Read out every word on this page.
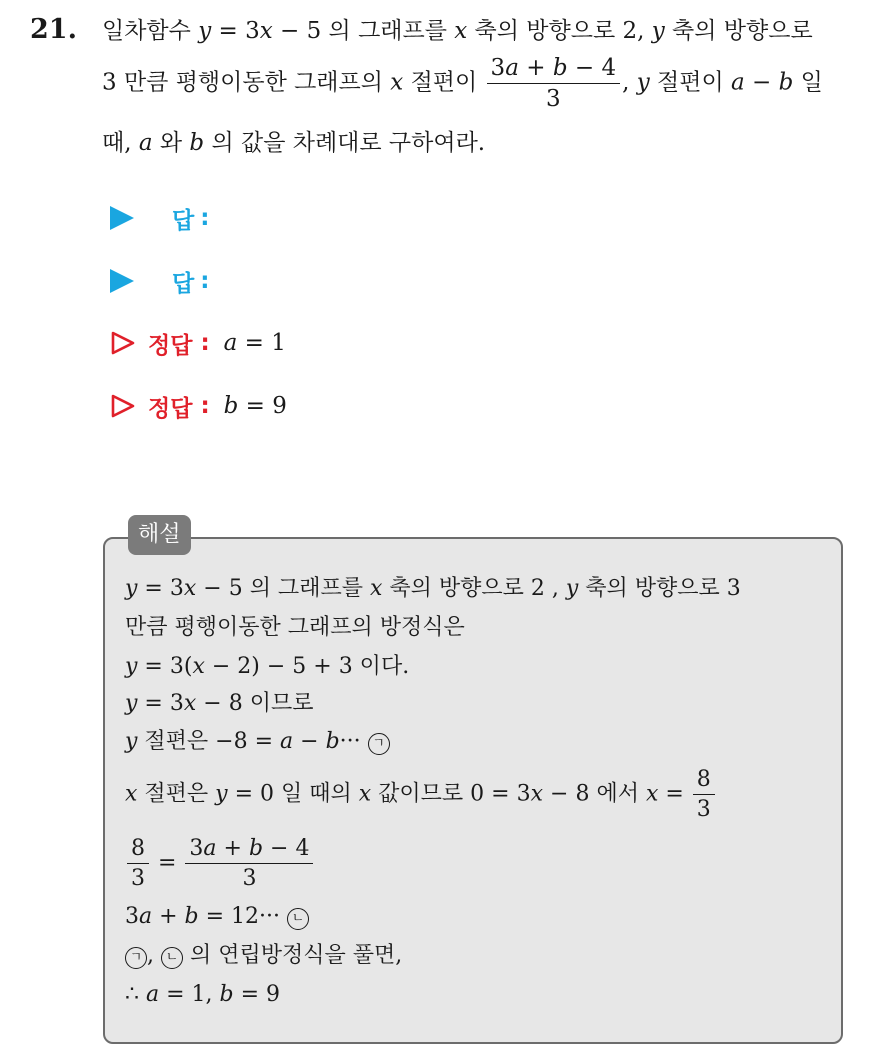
21. 일차함수 y = 3x − 5 의 그래프를 x 축의 방향으로 2, y 축의 방향으로
3 만큼 평행이동한 그래프의 x 절편이 $\frac{3a + b - 4}{3}$ , y 절편이 a − b 일
때, a 와 b 의 값을 차례대로 구하여라.
답 :
답 :
정답 : a = 1
정답 : b = 9
해설
y = 3x − 5 의 그래프를 x 축의 방향으로 2 , y 축의 방향으로 3
만큼 평행이동한 그래프의 방정식은
y = 3(x − 2) − 5 + 3 이다.
y = 3x − 8 이므로
y 절편은 −8 = a − b··· ㄱ
x 절편은 y = 0 일 때의 x 값이므로 0 = 3x − 8 에서 $x = \frac{8}{3}$
$\frac{8}{3} = \frac{3a + b - 4}{3}$
3a + b = 12··· ㄴ
ㄱ , ㄴ 의 연립방정식을 풀면,
∴ a = 1, b = 9
